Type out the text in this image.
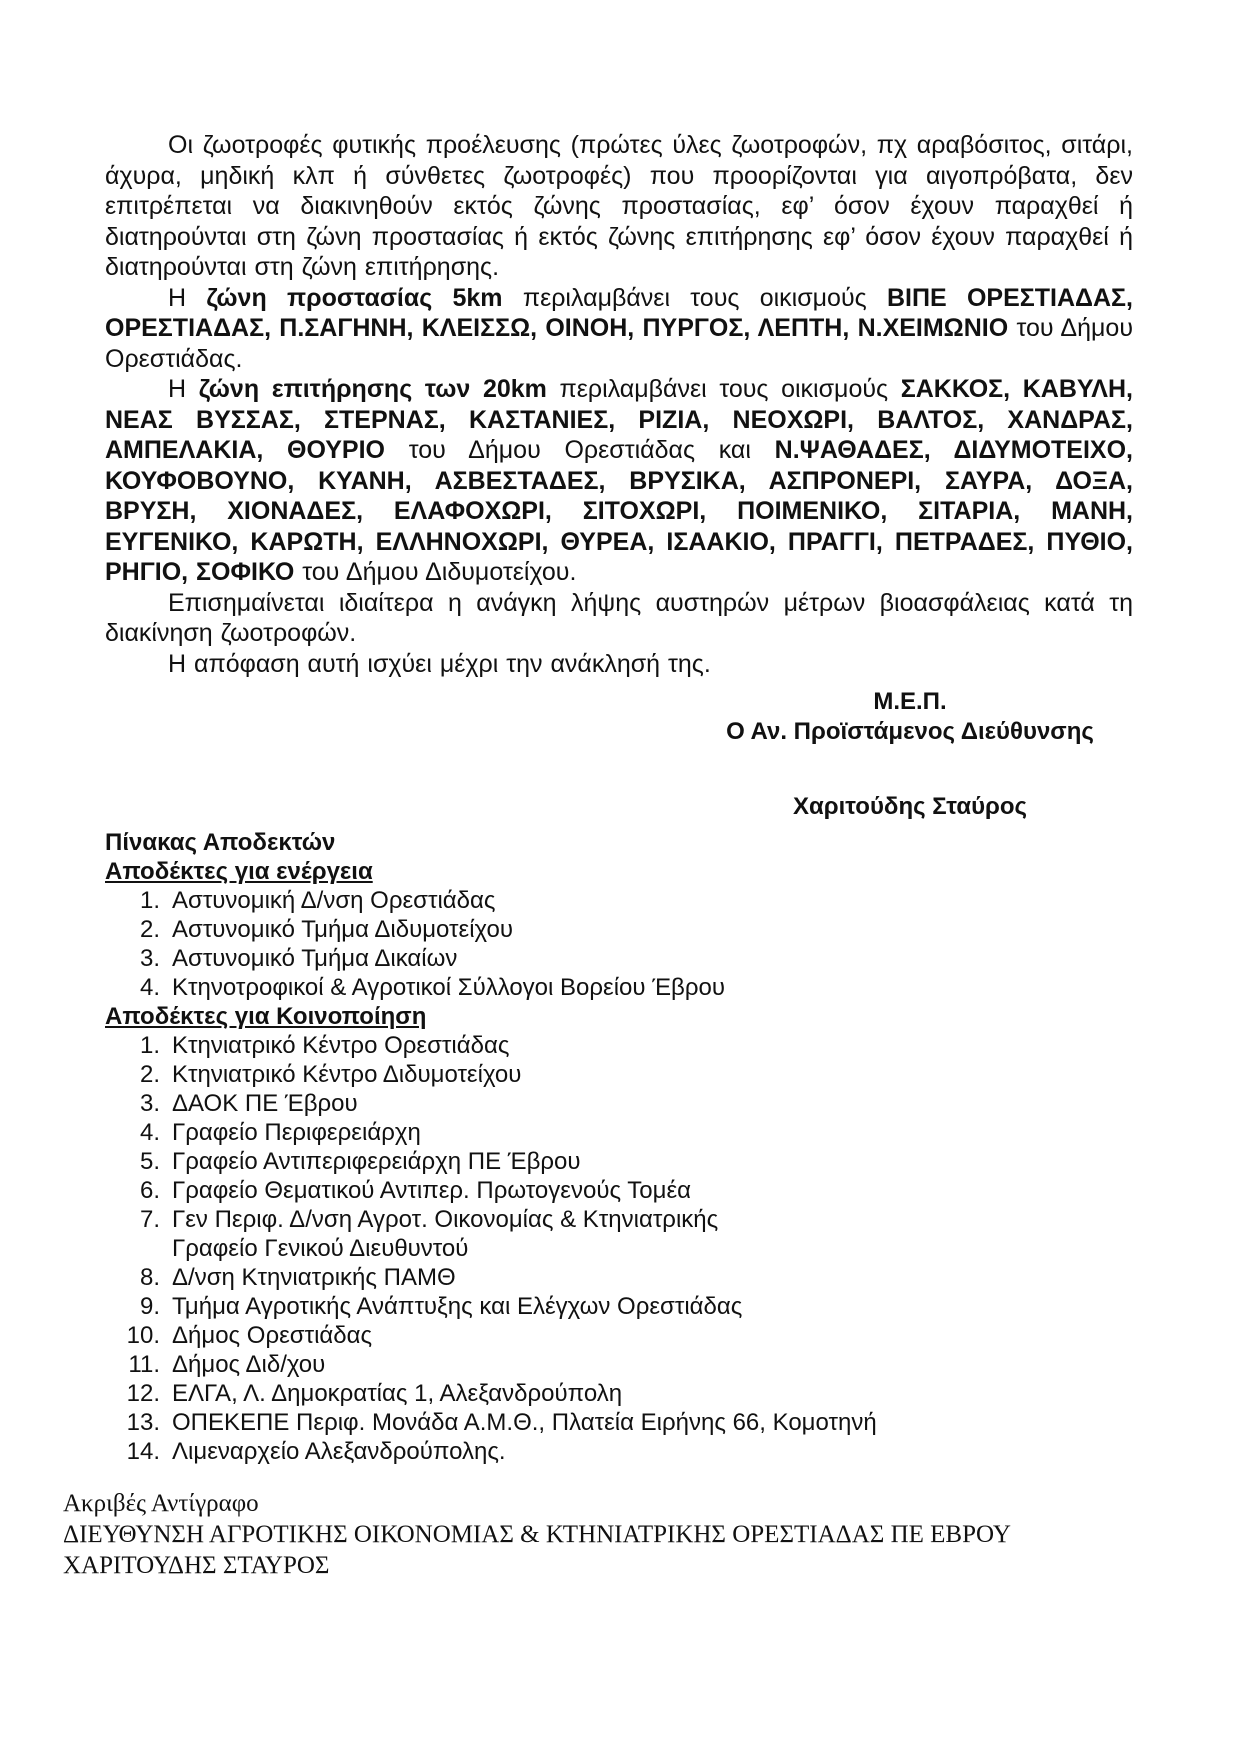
Οι ζωοτροφές φυτικής προέλευσης (πρώτες ύλες ζωοτροφών, πχ αραβόσιτος, σιτάρι, άχυρα, μηδική κλπ ή σύνθετες ζωοτροφές) που προορίζονται για αιγοπρόβατα, δεν επιτρέπεται να διακινηθούν εκτός ζώνης προστασίας, εφ’ όσον έχουν παραχθεί ή διατηρούνται στη ζώνη προστασίας ή εκτός ζώνης επιτήρησης εφ’ όσον έχουν παραχθεί ή διατηρούνται στη ζώνη επιτήρησης.

Η ζώνη προστασίας 5km περιλαμβάνει τους οικισμούς ΒΙΠΕ ΟΡΕΣΤΙΑΔΑΣ, ΟΡΕΣΤΙΑΔΑΣ, Π.ΣΑΓΗΝΗ, ΚΛΕΙΣΣΩ, ΟΙΝΟΗ, ΠΥΡΓΟΣ, ΛΕΠΤΗ, Ν.ΧΕΙΜΩΝΙΟ του Δήμου Ορεστιάδας.

Η ζώνη επιτήρησης των 20km περιλαμβάνει τους οικισμούς ΣΑΚΚΟΣ, ΚΑΒΥΛΗ, ΝΕΑΣ ΒΥΣΣΑΣ, ΣΤΕΡΝΑΣ, ΚΑΣΤΑΝΙΕΣ, ΡΙΖΙΑ, ΝΕΟΧΩΡΙ, ΒΑΛΤΟΣ, ΧΑΝΔΡΑΣ, ΑΜΠΕΛΑΚΙΑ, ΘΟΥΡΙΟ του Δήμου Ορεστιάδας και Ν.ΨΑΘΑΔΕΣ, ΔΙΔΥΜΟΤΕΙΧΟ, ΚΟΥΦΟΒΟΥΝΟ, ΚΥΑΝΗ, ΑΣΒΕΣΤΑΔΕΣ, ΒΡΥΣΙΚΑ, ΑΣΠΡΟΝΕΡΙ, ΣΑΥΡΑ, ΔΟΞΑ, ΒΡΥΣΗ, ΧΙΟΝΑΔΕΣ, ΕΛΑΦΟΧΩΡΙ, ΣΙΤΟΧΩΡΙ, ΠΟΙΜΕΝΙΚΟ, ΣΙΤΑΡΙΑ, ΜΑΝΗ, ΕΥΓΕΝΙΚΟ, ΚΑΡΩΤΗ, ΕΛΛΗΝΟΧΩΡΙ, ΘΥΡΕΑ, ΙΣΑΑΚΙΟ, ΠΡΑΓΓΙ, ΠΕΤΡΑΔΕΣ, ΠΥΘΙΟ, ΡΗΓΙΟ, ΣΟΦΙΚΟ του Δήμου Διδυμοτείχου.

Επισημαίνεται ιδιαίτερα η ανάγκη λήψης αυστηρών μέτρων βιοασφάλειας κατά τη διακίνηση ζωοτροφών.

Η απόφαση αυτή ισχύει μέχρι την ανάκλησή της.

Μ.Ε.Π.
Ο Αν. Προϊστάμενος Διεύθυνσης
Χαριτούδης Σταύρος
Πίνακας Αποδεκτών
Αποδέκτες για ενέργεια
1. Αστυνομική Δ/νση Ορεστιάδας
2. Αστυνομικό Τμήμα Διδυμοτείχου
3. Αστυνομικό Τμήμα Δικαίων
4. Κτηνοτροφικοί & Αγροτικοί Σύλλογοι Βορείου Έβρου
Αποδέκτες για Κοινοποίηση
1. Κτηνιατρικό Κέντρο Ορεστιάδας
2. Κτηνιατρικό Κέντρο Διδυμοτείχου
3. ΔΑΟΚ ΠΕ Έβρου
4. Γραφείο Περιφερειάρχη
5. Γραφείο Αντιπεριφερειάρχη ΠΕ Έβρου
6. Γραφείο Θεματικού Αντιπερ. Πρωτογενούς Τομέα
7. Γεν Περιφ. Δ/νση Αγροτ. Οικονομίας & Κτηνιατρικής
Γραφείο Γενικού Διευθυντού
8. Δ/νση Κτηνιατρικής ΠΑΜΘ
9. Τμήμα Αγροτικής Ανάπτυξης και Ελέγχων Ορεστιάδας
10. Δήμος Ορεστιάδας
11. Δήμος Διδ/χου
12. ΕΛΓΑ, Λ. Δημοκρατίας 1, Αλεξανδρούπολη
13. ΟΠΕΚΕΠΕ Περιφ. Μονάδα Α.Μ.Θ., Πλατεία Ειρήνης 66, Κομοτηνή
14. Λιμεναρχείο Αλεξανδρούπολης.
Ακριβές Αντίγραφο
ΔΙΕΥΘΥΝΣΗ ΑΓΡΟΤΙΚΗΣ ΟΙΚΟΝΟΜΙΑΣ & ΚΤΗΝΙΑΤΡΙΚΗΣ ΟΡΕΣΤΙΑΔΑΣ ΠΕ ΕΒΡΟΥ
ΧΑΡΙΤΟΥΔΗΣ ΣΤΑΥΡΟΣ
